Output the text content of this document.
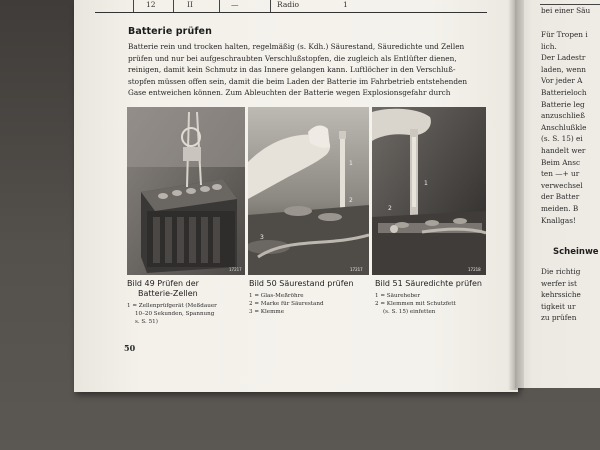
12	II	—	Radio	1
Batterie prüfen
Batterie rein und trocken halten, regelmäßig (s. Kdh.) Säurestand, Säuredichte und Zellen
prüfen und nur bei aufgeschraubten Verschlußstopfen, die zugleich als Entlüfter dienen,
reinigen, damit kein Schmutz in das Innere gelangen kann. Luftlöcher in den Verschluß-
stopfen müssen offen sein, damit die beim Laden der Batterie im Fahrbetrieb entstehenden
Gase entweichen können. Zum Ableuchten der Batterie wegen Explosionsgefahr durch
17217
3
1
2
17217
1
2
17218
Bild 49 Prüfen der
Batterie-Zellen
1 = Zellenprüfgerät (Meßdauer
10–20 Sekunden, Spannung
s. S. 51)
Bild 50 Säurestand prüfen
1 = Glas-Meßröhre
2 = Marke für Säurestand
3 = Klemme
Bild 51 Säuredichte prüfen
1 = Säureheber
2 = Klemmen mit Schutzfett
(s. S. 15) einfetten
50
bei einer Säu
Für Tropen i
lich.
Der Ladestr
laden, wenn
Vor jeder A
Batterieloch
Batterie leg
anzuschließ
Anschlußkle
(s. S. 15) ei
handelt wer
Beim Ansc
ten —+ ur
verwechsel
der Batter
meiden. B
Knallgas!
Scheinwe
Die richtig
werfer ist
kehrssiche
tigkeit ur
zu prüfen
